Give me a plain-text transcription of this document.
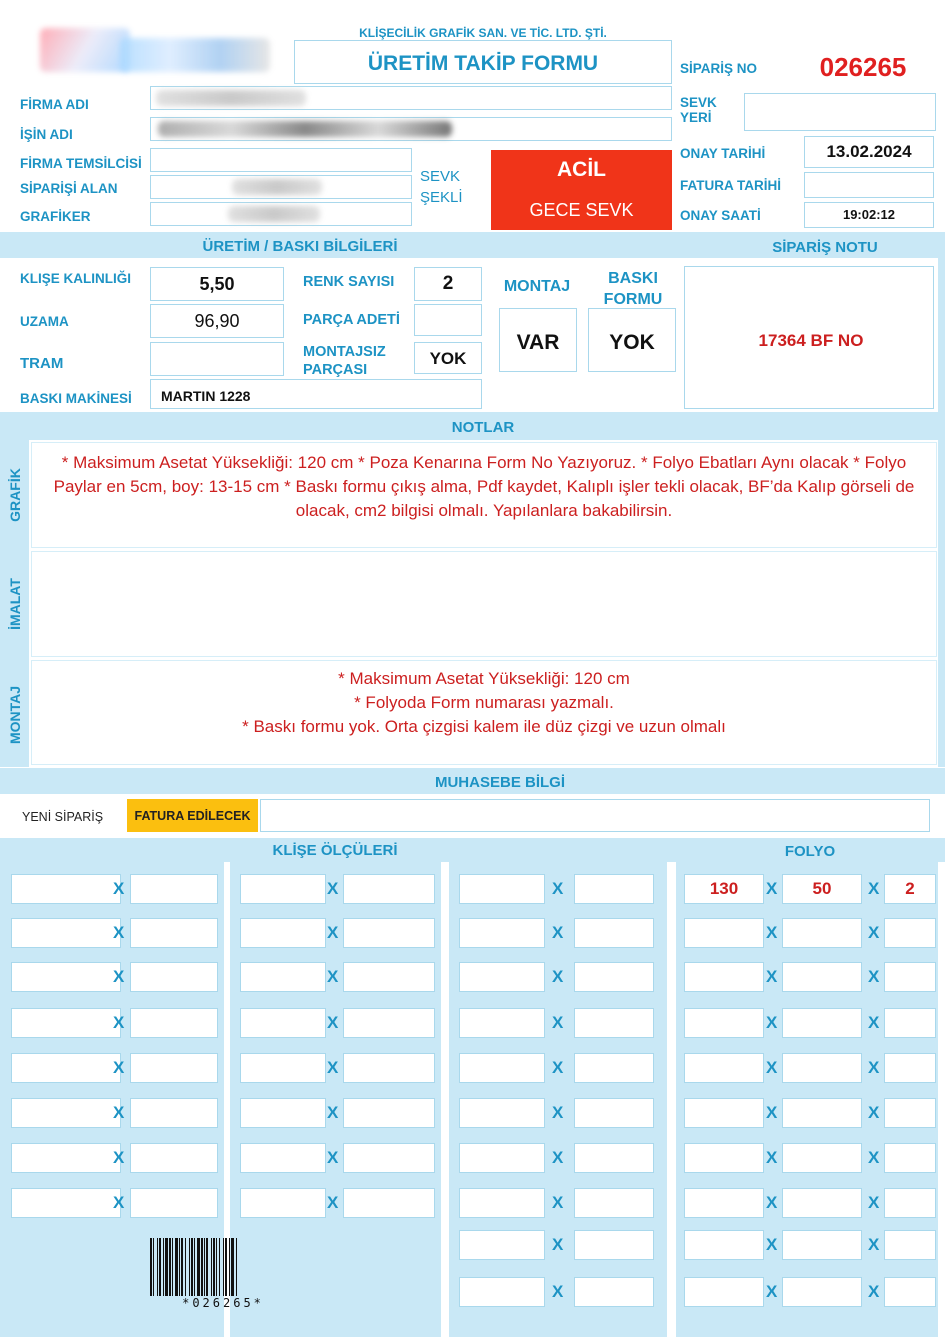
KLİŞECİLİK GRAFİK SAN. VE TİC. LTD. ŞTİ.
ÜRETİM TAKİP FORMU	SİPARİŞ NO	026265
FİRMA ADI
İŞİN ADI
FİRMA TEMSİLCİSİ
SİPARİŞİ ALAN
GRAFİKER
SEVK ŞEKLİ
ACİL
GECE SEVK
SEVK YERİ
ONAY TARİHİ	13.02.2024
FATURA TARİHİ
ONAY SAATİ	19:02:12
ÜRETİM / BASKI BİLGİLERİ	SİPARİŞ NOTU
KLIŞE KALINLIĞI	5,50
UZAMA	96,90
TRAM
BASKI MAKİNESİ MARTIN 1228
RENK SAYISI	2
PARÇA ADETİ
MONTAJSIZ PARÇASI
YOK
MONTAJ
VAR
BASKI FORMU
YOK	17364 BF NO
NOTLAR
GRAFİK
* Maksimum Asetat Yüksekliği: 120 cm * Poza Kenarına Form No Yazıyoruz. * Folyo Ebatları Aynı olacak * Folyo Paylar en 5cm, boy: 13-15 cm * Baskı formu çıkış alma, Pdf kaydet, Kalıplı işler tekli olacak, BF’da Kalıp görseli de olacak, cm2 bilgisi olmalı. Yapılanlara bakabilirsin.
İMALAT
MONTAJ
* Maksimum Asetat Yüksekliği: 120 cm
* Folyoda Form numarası yazmalı.
* Baskı formu yok. Orta çizgisi kalem ile düz çizgi ve uzun olmalı
MUHASEBE BİLGİ
YENİ SİPARİŞ	FATURA EDİLECEK
KLİŞE ÖLÇÜLERİ	FOLYO
X
X
X
X
X
X
X
X
X
X
X
X
X
X
X
X
X
X
X
X
X
X
X
X
X
X
130	X	50	X	2
X	X
X	X
X	X
X	X
X	X
X	X
X	X
X	X
X	X
*026265*
